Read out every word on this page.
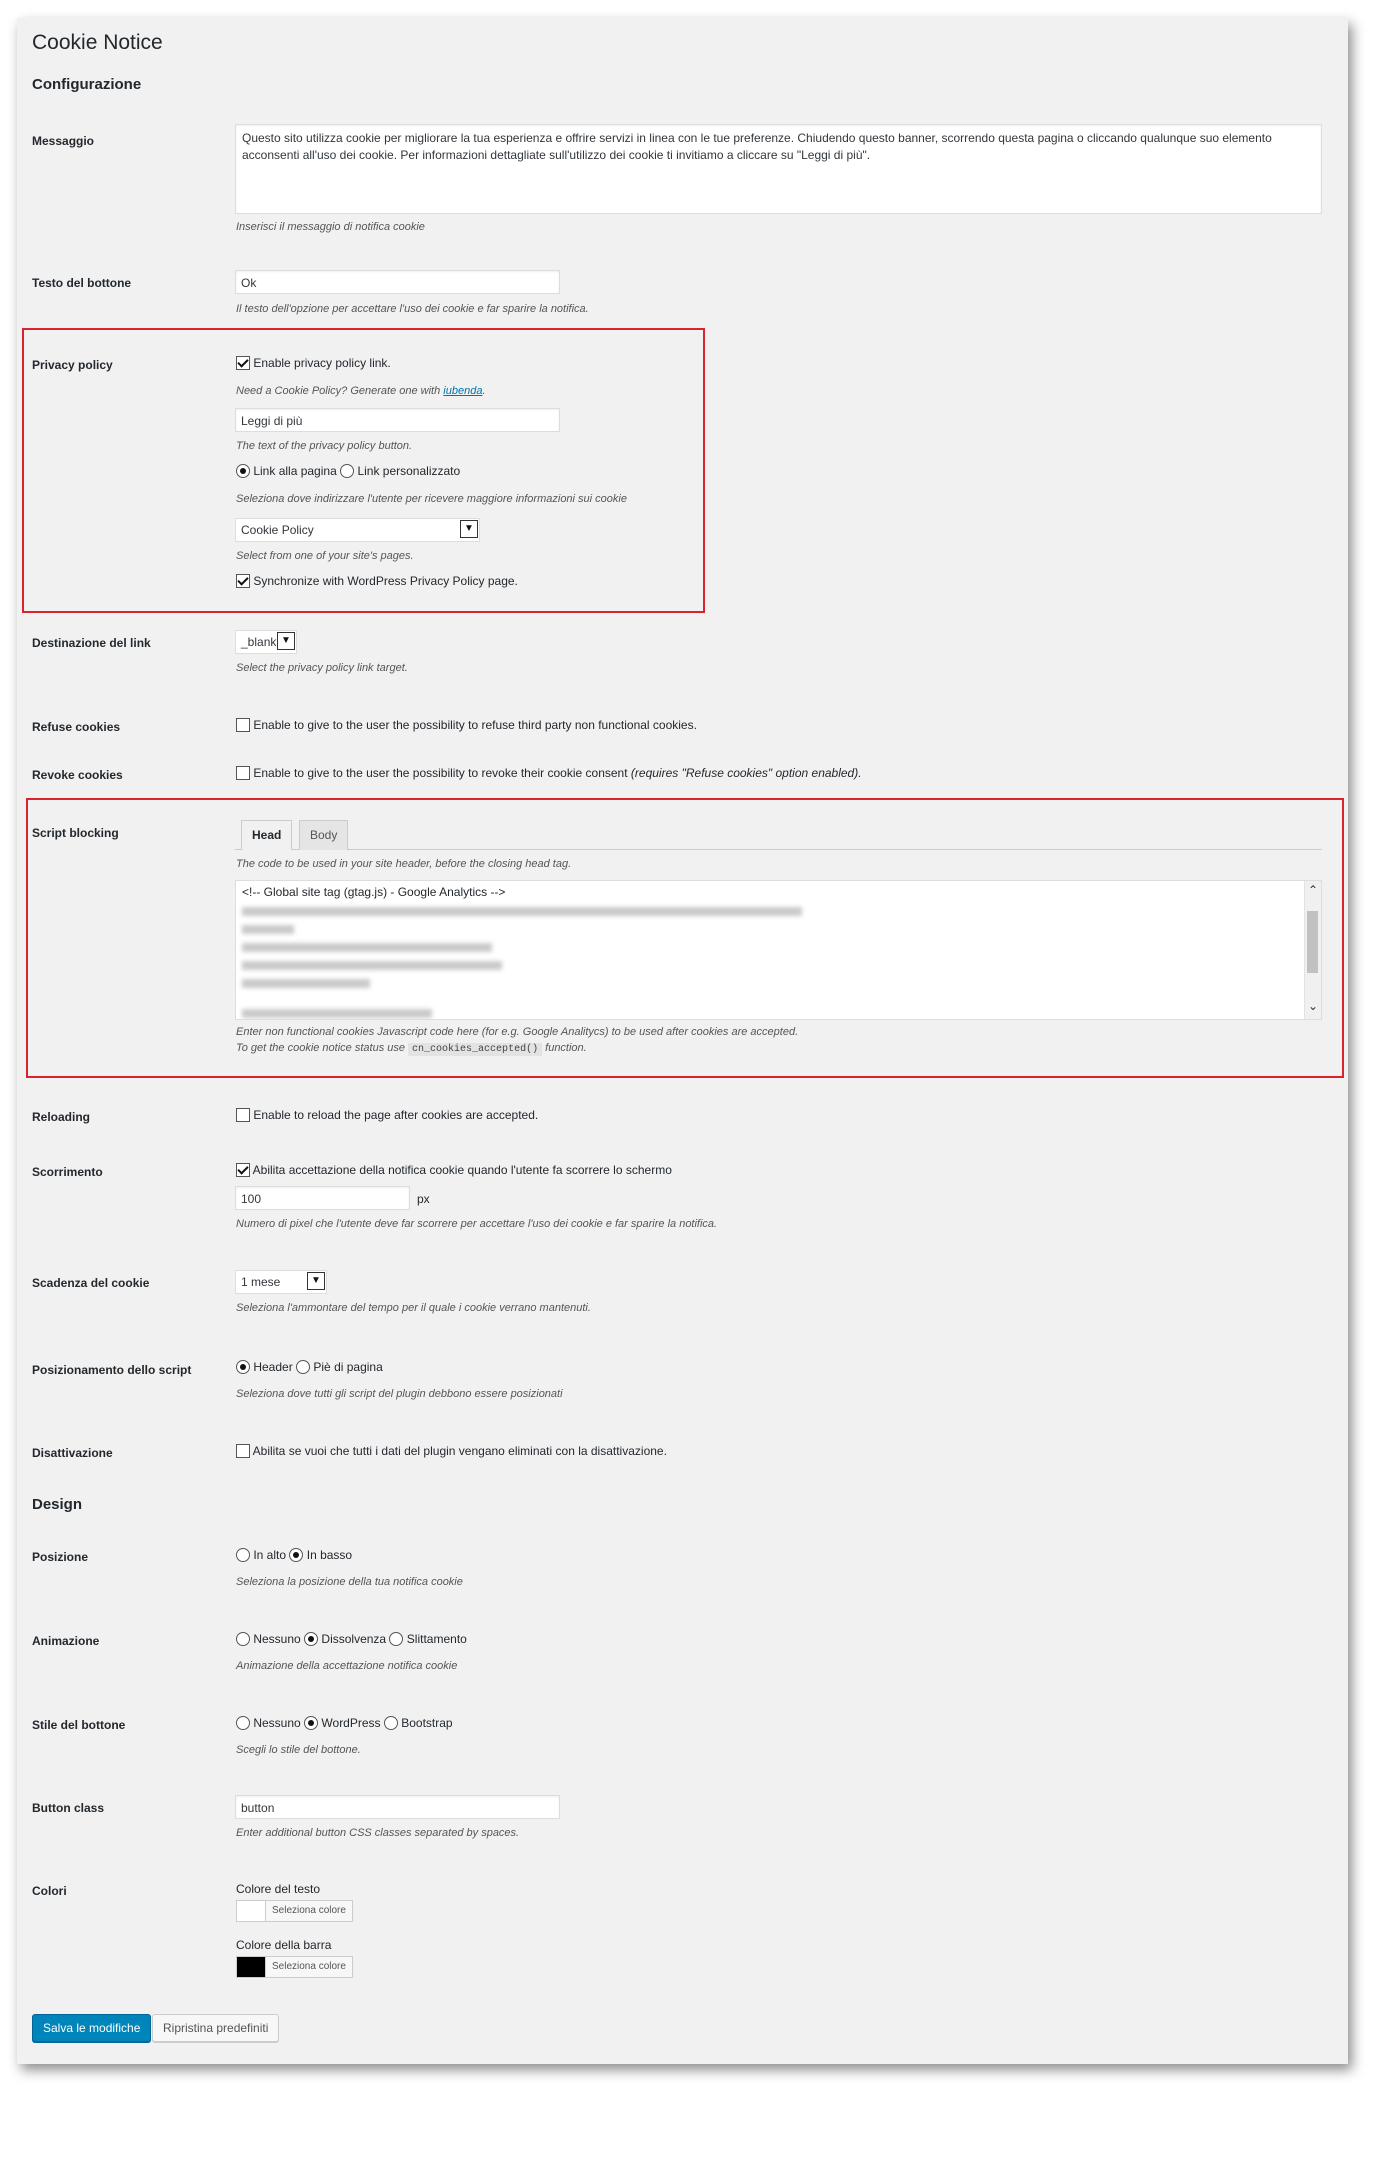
Cookie Notice
Configurazione
Messaggio	Questo sito utilizza cookie per migliorare la tua esperienza e offrire servizi in linea con le tue preferenze. Chiudendo questo banner, scorrendo questa pagina o cliccando qualunque suo elemento acconsenti all'uso dei cookie. Per informazioni dettagliate sull'utilizzo dei cookie ti invitiamo a cliccare su "Leggi di più".
Inserisci il messaggio di notifica cookie
Testo del bottone	Ok
Il testo dell'opzione per accettare l'uso dei cookie e far sparire la notifica.
Privacy policy	Enable privacy policy link.
Need a Cookie Policy? Generate one with iubenda.
Leggi di più
The text of the privacy policy button.
Link alla pagina Link personalizzato
Seleziona dove indirizzare l'utente per ricevere maggiore informazioni sui cookie
Cookie Policy	▼
Select from one of your site's pages.
Synchronize with WordPress Privacy Policy page.
Destinazione del link	_blank ▼
Select the privacy policy link target.
Refuse cookies	Enable to give to the user the possibility to refuse third party non functional cookies.
Revoke cookies	Enable to give to the user the possibility to revoke their cookie consent (requires "Refuse cookies" option enabled).
Script blocking	Head	Body
The code to be used in your site header, before the closing head tag.
<!-- Global site tag (gtag.js) - Google Analytics -->	⌃
⌄
Enter non functional cookies Javascript code here (for e.g. Google Analitycs) to be used after cookies are accepted.
To get the cookie notice status use cn_cookies_accepted() function.
Reloading	Enable to reload the page after cookies are accepted.
Scorrimento	Abilita accettazione della notifica cookie quando l'utente fa scorrere lo schermo
100	px
Numero di pixel che l'utente deve far scorrere per accettare l'uso dei cookie e far sparire la notifica.
Scadenza del cookie	1 mese	▼
Seleziona l'ammontare del tempo per il quale i cookie verrano mantenuti.
Posizionamento dello script	Header Piè di pagina
Seleziona dove tutti gli script del plugin debbono essere posizionati
Disattivazione	Abilita se vuoi che tutti i dati del plugin vengano eliminati con la disattivazione.
Design
Posizione	In alto In basso
Seleziona la posizione della tua notifica cookie
Animazione	Nessuno Dissolvenza Slittamento
Animazione della accettazione notifica cookie
Stile del bottone	Nessuno WordPress Bootstrap
Scegli lo stile del bottone.
Button class	button
Enter additional button CSS classes separated by spaces.
Colori	Colore del testo
Seleziona colore
Colore della barra
Seleziona colore
Salva le modifiche	Ripristina predefiniti
